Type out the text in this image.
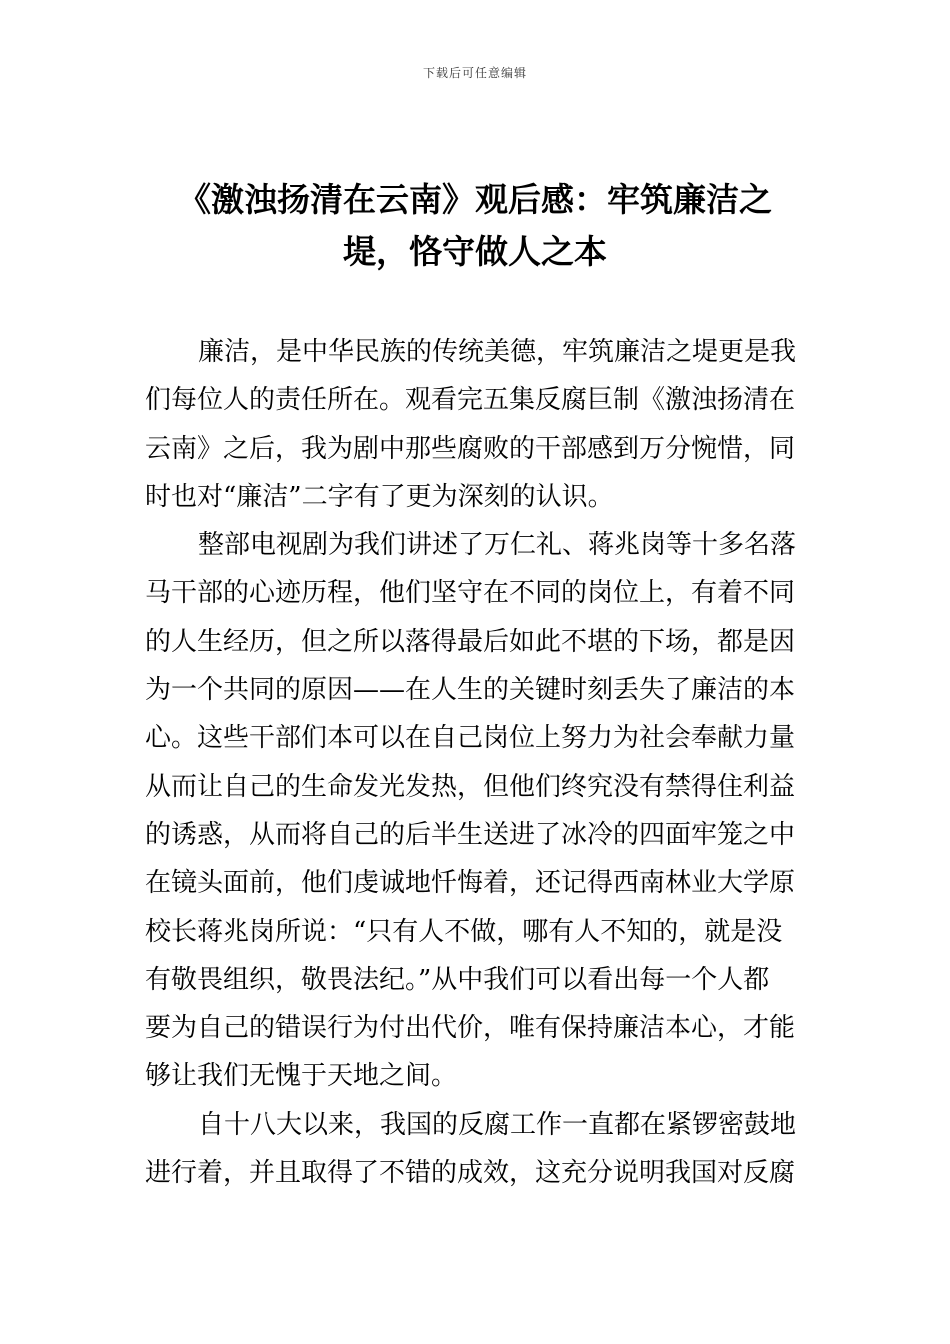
下载后可任意编辑
《激浊扬清在云南》观后感：牢筑廉洁之
堤，恪守做人之本
廉洁，是中华民族的传统美德，牢筑廉洁之堤更是我
们每位人的责任所在。观看完五集反腐巨制《激浊扬清在
云南》之后，我为剧中那些腐败的干部感到万分惋惜，同
时也对“廉洁”二字有了更为深刻的认识。
整部电视剧为我们讲述了万仁礼、蒋兆岗等十多名落
马干部的心迹历程，他们坚守在不同的岗位上，有着不同
的人生经历，但之所以落得最后如此不堪的下场，都是因
为一个共同的原因——在人生的关键时刻丢失了廉洁的本
心。这些干部们本可以在自己岗位上努力为社会奉献力量
从而让自己的生命发光发热，但他们终究没有禁得住利益
的诱惑，从而将自己的后半生送进了冰冷的四面牢笼之中
在镜头面前，他们虔诚地忏悔着，还记得西南林业大学原
校长蒋兆岗所说：“只有人不做，哪有人不知的，就是没
有敬畏组织，敬畏法纪。”从中我们可以看出每一个人都
要为自己的错误行为付出代价，唯有保持廉洁本心，才能
够让我们无愧于天地之间。
自十八大以来，我国的反腐工作一直都在紧锣密鼓地
进行着，并且取得了不错的成效，这充分说明我国对反腐
